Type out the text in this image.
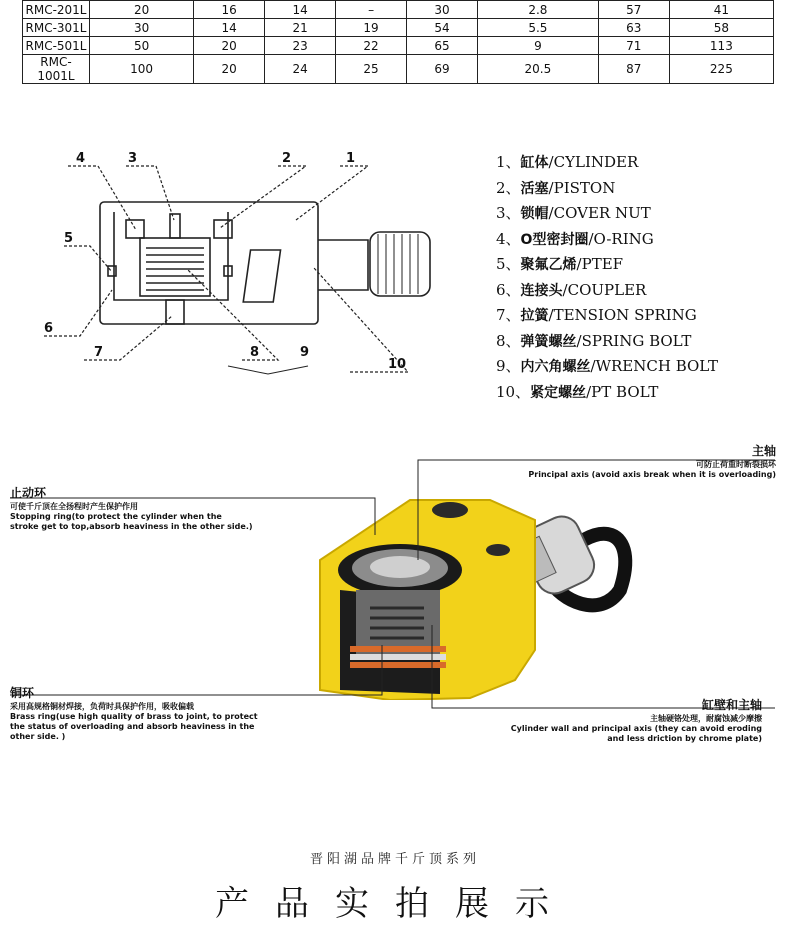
RMC-201L	20	16	14	–	30	2.8	57	41
RMC-301L	30	14	21	19	54	5.5	63	58
RMC-501L	50	20	23	22	65	9	71	113
RMC-1001L	100	20	24	25	69	20.5	87	225
4	3	2	1
5
6
7	8	9
10
1、缸体/CYLINDER
2、活塞/PISTON
3、锁帽/COVER NUT
4、O型密封圈/O-RING
5、聚氟乙烯/PTEF
6、连接头/COUPLER
7、拉簧/TENSION SPRING
8、弹簧螺丝/SPRING BOLT
9、内六角螺丝/WRENCH BOLT
10、紧定螺丝/PT BOLT
主轴
可防止荷重时断裂损坏
Principal axis (avoid axis break when it is overloading)
止动环
可使千斤顶在全扬程时产生保护作用
Stopping ring(to protect the cylinder when the
stroke get to top,absorb heaviness in the other side.)
铜环
采用高规格铜材焊接，负荷时具保护作用，吸收偏载
Brass ring(use high quality of brass to joint, to protect
the status of overloading and absorb heaviness in the
other side. )
缸壁和主轴
主轴硬铬处理，耐腐蚀减少摩擦
Cylinder wall and principal axis (they can avoid eroding
and less driction by chrome plate)
晋阳湖品牌千斤顶系列
产品实拍展示
